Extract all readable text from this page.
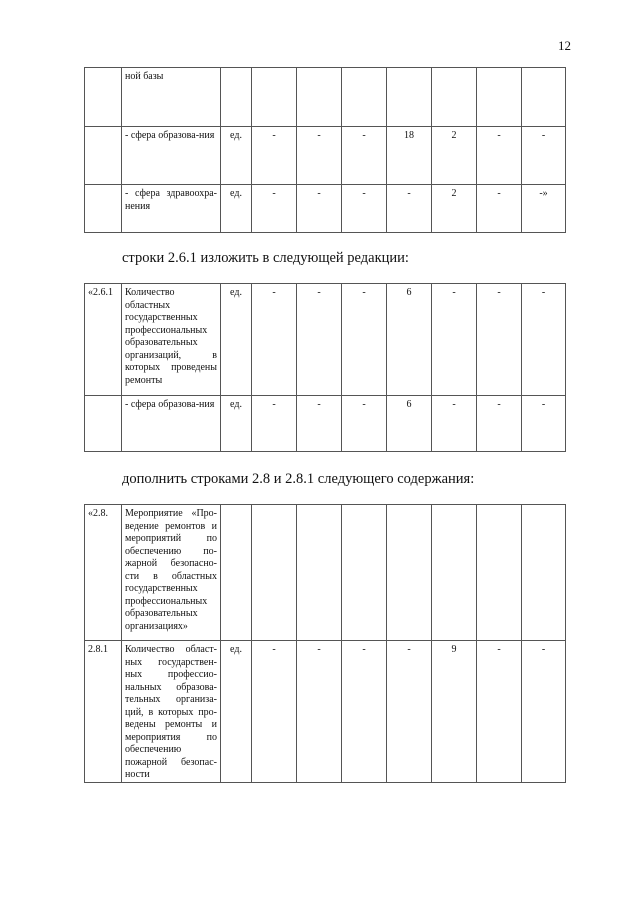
12
	ной базы								
	- сфера образова-ния	ед.	-	-	-	18	2	-	-
	- сфера здравоохра-нения	ед.	-	-	-	-	2	-	-»
строки 2.6.1 изложить в следующей редакции:
«2.6.1	Количество областных государственных профессиональных образовательных организаций, в которых проведены ремонты	ед.	-	-	-	6	-	-	-
	- сфера образова-ния	ед.	-	-	-	6	-	-	-
дополнить строками 2.8 и 2.8.1 следующего содержания:
«2.8.	Мероприятие «Про-ведение ремонтов и мероприятий по обеспечению по-жарной безопасно-сти в областных государственных профессиональных образовательных организациях»								
2.8.1	Количество област-ных государствен-ных профессио-нальных образова-тельных организа-ций, в которых про-ведены ремонты и мероприятия по обеспечению пожарной безопас-ности	ед.	-	-	-	-	9	-	-
